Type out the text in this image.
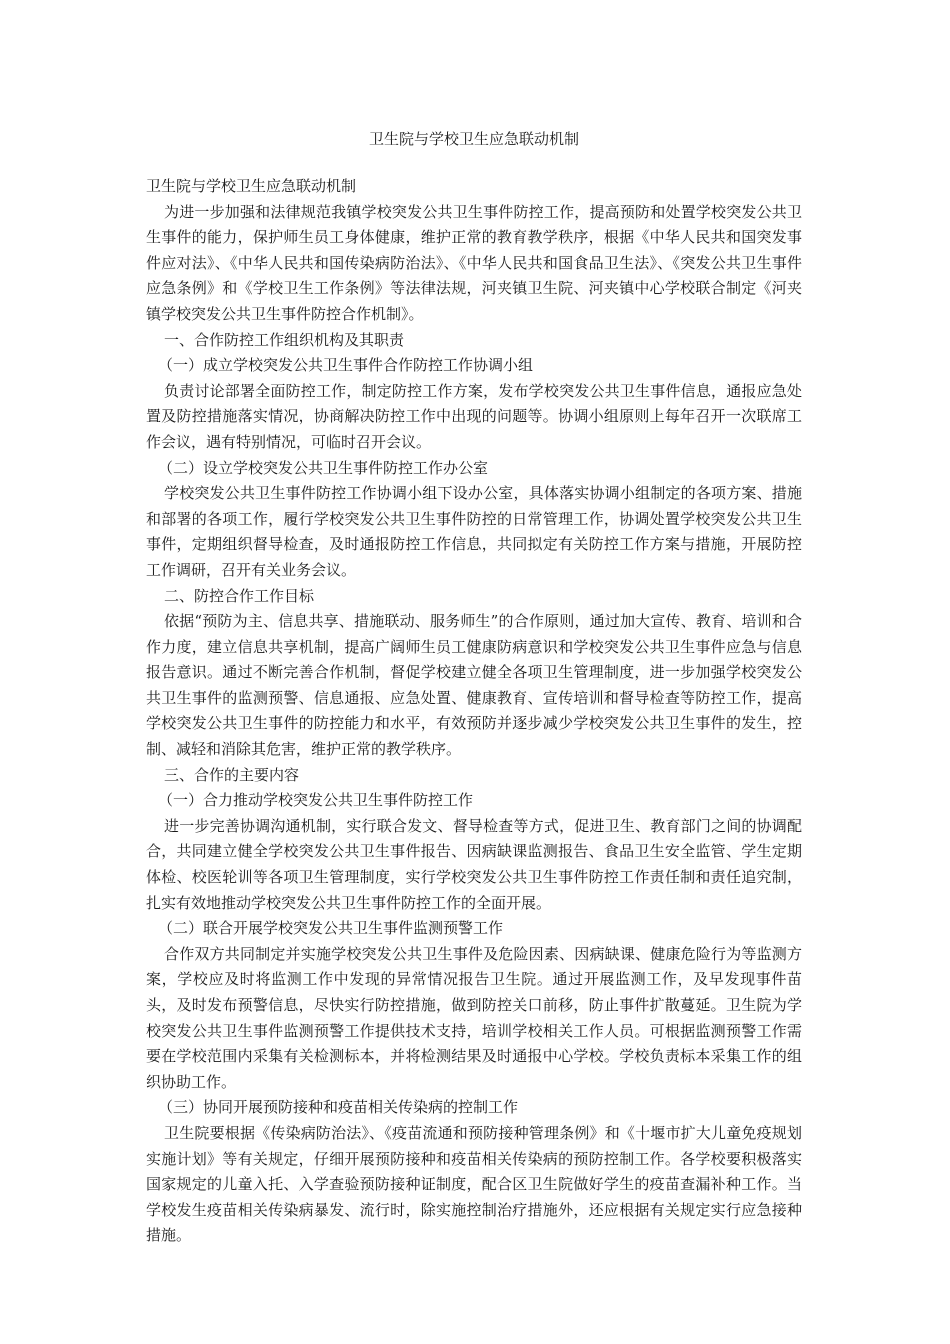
卫生院与学校卫生应急联动机制

卫生院与学校卫生应急联动机制

为进一步加强和法律规范我镇学校突发公共卫生事件防控工作，提高预防和处置学校突发公共卫生事件的能力，保护师生员工身体健康，维护正常的教育教学秩序，根据《中华人民共和国突发事件应对法》、《中华人民共和国传染病防治法》、《中华人民共和国食品卫生法》、《突发公共卫生事件应急条例》和《学校卫生工作条例》等法律法规，河夹镇卫生院、河夹镇中心学校联合制定《河夹镇学校突发公共卫生事件防控合作机制》。

一、合作防控工作组织机构及其职责

（一）成立学校突发公共卫生事件合作防控工作协调小组

负责讨论部署全面防控工作，制定防控工作方案，发布学校突发公共卫生事件信息，通报应急处置及防控措施落实情况，协商解决防控工作中出现的问题等。协调小组原则上每年召开一次联席工作会议，遇有特别情况，可临时召开会议。

（二）设立学校突发公共卫生事件防控工作办公室

学校突发公共卫生事件防控工作协调小组下设办公室，具体落实协调小组制定的各项方案、措施和部署的各项工作，履行学校突发公共卫生事件防控的日常管理工作，协调处置学校突发公共卫生事件，定期组织督导检查，及时通报防控工作信息，共同拟定有关防控工作方案与措施，开展防控工作调研，召开有关业务会议。

二、防控合作工作目标

依据“预防为主、信息共享、措施联动、服务师生”的合作原则，通过加大宣传、教育、培训和合作力度，建立信息共享机制，提高广阔师生员工健康防病意识和学校突发公共卫生事件应急与信息报告意识。通过不断完善合作机制，督促学校建立健全各项卫生管理制度，进一步加强学校突发公共卫生事件的监测预警、信息通报、应急处置、健康教育、宣传培训和督导检查等防控工作，提高学校突发公共卫生事件的防控能力和水平，有效预防并逐步减少学校突发公共卫生事件的发生，控制、减轻和消除其危害，维护正常的教学秩序。

三、合作的主要内容

（一）合力推动学校突发公共卫生事件防控工作

进一步完善协调沟通机制，实行联合发文、督导检查等方式，促进卫生、教育部门之间的协调配合，共同建立健全学校突发公共卫生事件报告、因病缺课监测报告、食品卫生安全监管、学生定期体检、校医轮训等各项卫生管理制度，实行学校突发公共卫生事件防控工作责任制和责任追究制，扎实有效地推动学校突发公共卫生事件防控工作的全面开展。

（二）联合开展学校突发公共卫生事件监测预警工作

合作双方共同制定并实施学校突发公共卫生事件及危险因素、因病缺课、健康危险行为等监测方案，学校应及时将监测工作中发现的异常情况报告卫生院。通过开展监测工作，及早发现事件苗头，及时发布预警信息，尽快实行防控措施，做到防控关口前移，防止事件扩散蔓延。卫生院为学校突发公共卫生事件监测预警工作提供技术支持，培训学校相关工作人员。可根据监测预警工作需要在学校范围内采集有关检测标本，并将检测结果及时通报中心学校。学校负责标本采集工作的组织协助工作。

（三）协同开展预防接种和疫苗相关传染病的控制工作

卫生院要根据《传染病防治法》、《疫苗流通和预防接种管理条例》和《十堰市扩大儿童免疫规划实施计划》等有关规定，仔细开展预防接种和疫苗相关传染病的预防控制工作。各学校要积极落实国家规定的儿童入托、入学查验预防接种证制度，配合区卫生院做好学生的疫苗查漏补种工作。当学校发生疫苗相关传染病暴发、流行时，除实施控制治疗措施外，还应根据有关规定实行应急接种措施。
